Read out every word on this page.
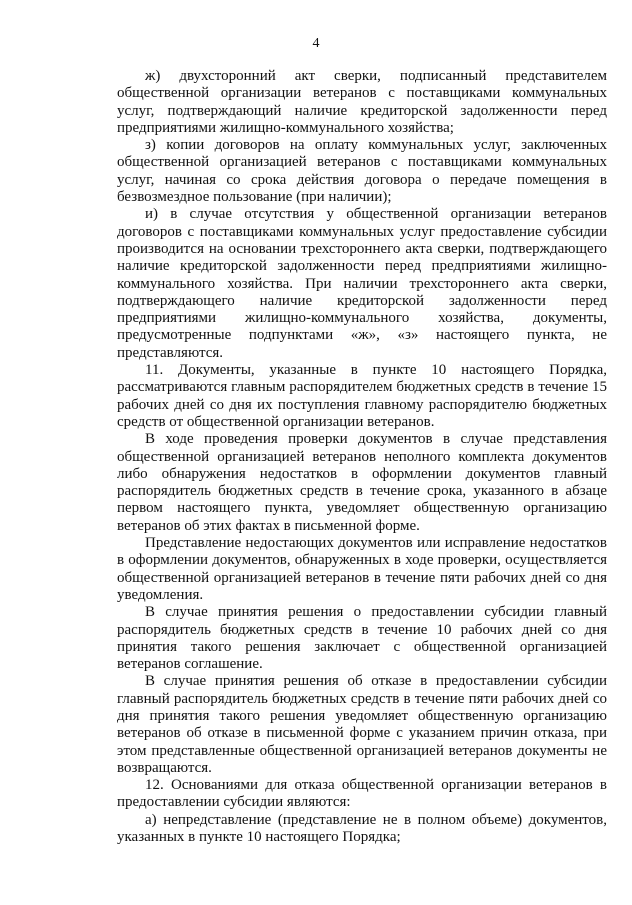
4

ж) двухсторонний акт сверки, подписанный представителем общественной организации ветеранов с поставщиками коммунальных услуг, подтверждающий наличие кредиторской задолженности перед предприятиями жилищно-коммунального хозяйства;

з) копии договоров на оплату коммунальных услуг, заключенных общественной организацией ветеранов с поставщиками коммунальных услуг, начиная со срока действия договора о передаче помещения в безвозмездное пользование (при наличии);

и) в случае отсутствия у общественной организации ветеранов договоров с поставщиками коммунальных услуг предоставление субсидии производится на основании трехстороннего акта сверки, подтверждающего наличие кредиторской задолженности перед предприятиями жилищно-коммунального хозяйства. При наличии трехстороннего акта сверки, подтверждающего наличие кредиторской задолженности перед предприятиями жилищно-коммунального хозяйства, документы, предусмотренные подпунктами «ж», «з» настоящего пункта, не представляются.

11. Документы, указанные в пункте 10 настоящего Порядка, рассматриваются главным распорядителем бюджетных средств в течение 15 рабочих дней со дня их поступления главному распорядителю бюджетных средств от общественной организации ветеранов.

В ходе проведения проверки документов в случае представления общественной организацией ветеранов неполного комплекта документов либо обнаружения недостатков в оформлении документов главный распорядитель бюджетных средств в течение срока, указанного в абзаце первом настоящего пункта, уведомляет общественную организацию ветеранов об этих фактах в письменной форме.

Представление недостающих документов или исправление недостатков в оформлении документов, обнаруженных в ходе проверки, осуществляется общественной организацией ветеранов в течение пяти рабочих дней со дня уведомления.

В случае принятия решения о предоставлении субсидии главный распорядитель бюджетных средств в течение 10 рабочих дней со дня принятия такого решения заключает с общественной организацией ветеранов соглашение.

В случае принятия решения об отказе в предоставлении субсидии главный распорядитель бюджетных средств в течение пяти рабочих дней со дня принятия такого решения уведомляет общественную организацию ветеранов об отказе в письменной форме с указанием причин отказа, при этом представленные общественной организацией ветеранов документы не возвращаются.

12. Основаниями для отказа общественной организации ветеранов в предоставлении субсидии являются:

а) непредставление (представление не в полном объеме) документов, указанных в пункте 10 настоящего Порядка;
